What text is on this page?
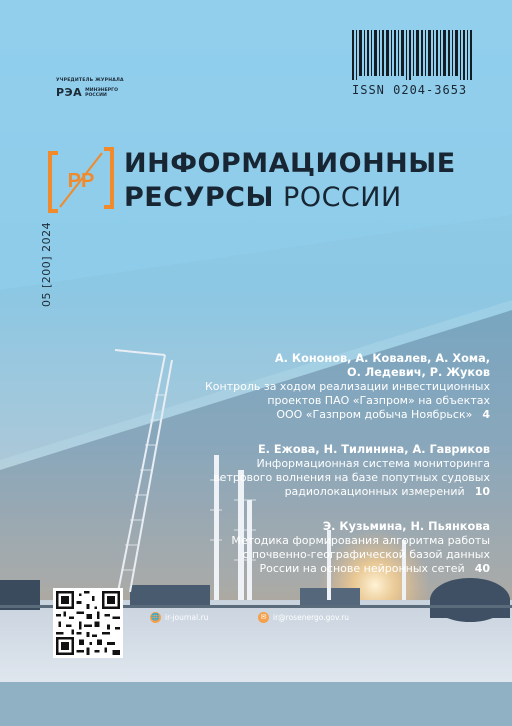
УЧРЕДИТЕЛЬ ЖУРНАЛА
РЭА МИНЭНЕРГО
РОССИИ	ISSN 0204-3653
РР
ИНФОРМАЦИОННЫЕ
РЕСУРСЫ РОССИИ
05 [200] 2024
А. Кононов, А. Ковалев, А. Хома,
О. Ледевич, Р. Жуков
Контроль за ходом реализации инвестиционных
проектов ПАО «Газпром» на объектах
ООО «Газпром добыча Ноябрьск» 4
Е. Ежова, Н. Тилинина, А. Гавриков
Информационная система мониторинга
ветрового волнения на базе попутных судовых
радиолокационных измерений 10
Э. Кузьмина, Н. Пьянкова
Методика формирования алгоритма работы
с почвенно-географической базой данных
России на основе нейронных сетей 40
🌐 ir-journal.ru	✉ ir@rosenergo.gov.ru
